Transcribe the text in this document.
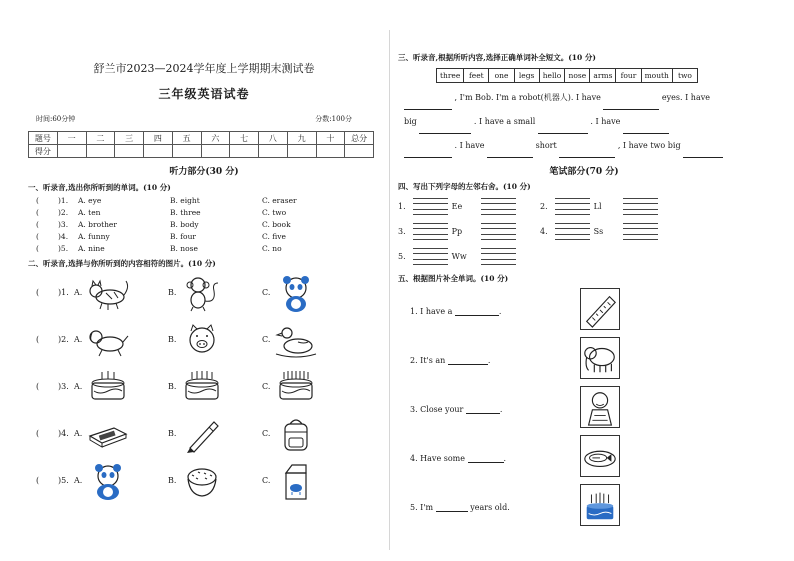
舒兰市2023—2024学年度上学期期末测试卷
三年级英语试卷
时间:60分钟	分数:100分
题号	一	二	三	四	五	六	七	八	九	十	总分
得分											
听力部分(30 分)
一、听录音,选出你所听到的单词。(10 分)
(	)1.	A. eye	B. eight	C. eraser
(	)2.	A. ten	B. three	C. two
(	)3.	A. brother	B. body	C. book
(	)4.	A. funny	B. four	C. five
(	)5.	A. nine	B. nose	C. no
二、听录音,选择与你所听到的内容相符的图片。(10 分)
( )1. A.	B.	C.
( )2. A.	B.	C.
( )3. A.	B.	C.
( )4. A.	B.	C.
( )5. A.	B.	C.
三、听录音,根据所听内容,选择正确单词补全短文。(10 分)
three	feet	one	legs	hello nose arms	four	mouth	two
, I'm Bob. I'm a robot(机器人). I have	eyes. I have
big	. I have a small	. I have
. I have	short	, I have two big
笔试部分(70 分)
四、写出下列字母的左邻右舍。(10 分)
1.	Ee	2.	Ll
3.	Pp	4.	Ss
5.	Ww
五、根据图片补全单词。(10 分)
1. I have a	.
2. It's an	.
3. Close your	.
4. Have some	.
5. I'm	years old.
